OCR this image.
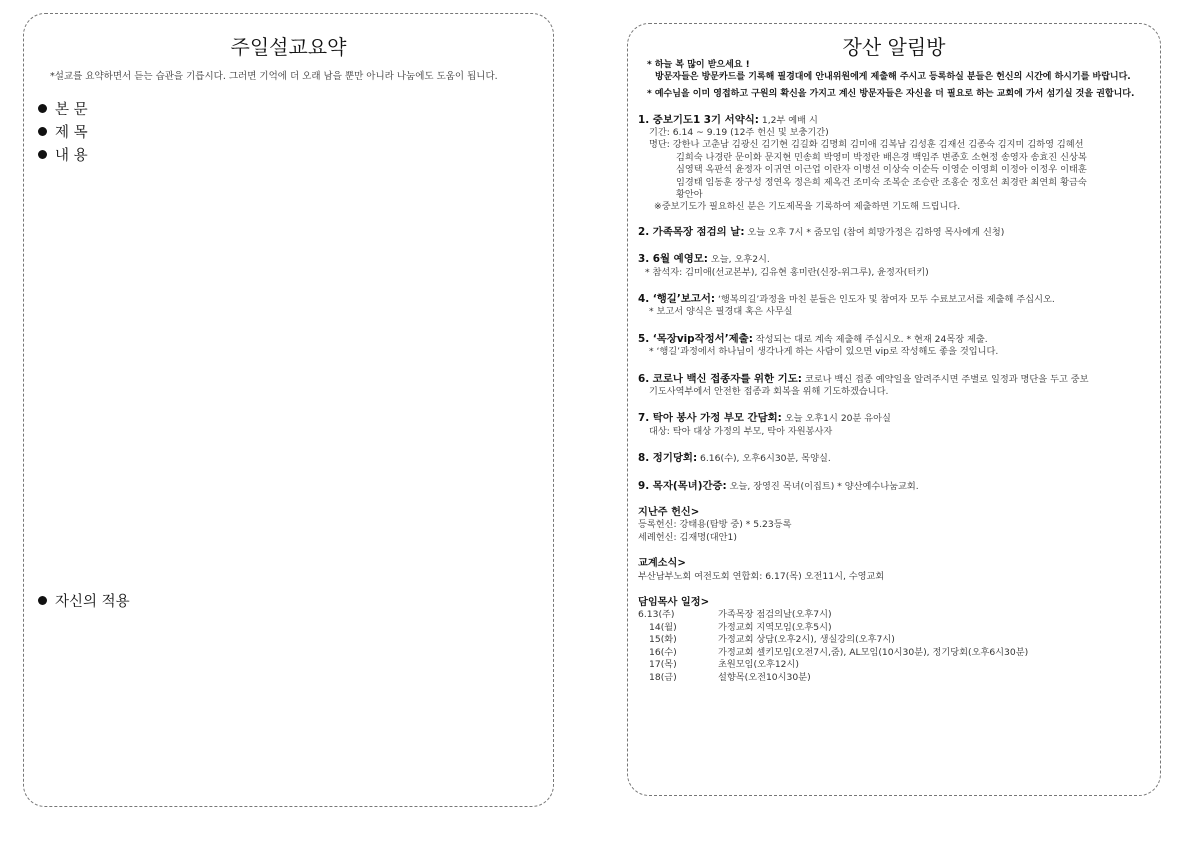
주일설교요약
*설교를 요약하면서 듣는 습관을 기릅시다. 그러면 기억에 더 오래 남을 뿐만 아니라 나눔에도 도움이 됩니다.
본 문
제 목
내 용
자신의 적용
장산 알림방
* 하늘 복 많이 받으세요 !
방문자들은 방문카드를 기록해 필경대에 안내위원에게 제출해 주시고 등록하실 분들은 헌신의 시간에 하시기를 바랍니다.
* 예수님을 이미 영접하고 구원의 확신을 가지고 계신 방문자들은 자신을 더 필요로 하는 교회에 가서 섬기실 것을 권합니다.
1. 중보기도1 3기 서약식: 1,2부 예배 시
기간: 6.14 ~ 9.19 (12주 헌신 및 보충기간)
명단: 강한나 고춘남 김광신 김기현 김길화 김명희 김미애 김복남 김성훈 김재선 김종숙 김지미 김하영 김혜선
김희숙 나경란 문이화 문지현 민송희 박영미 박정란 배은경 백임주 변종호 소현정 송영자 송효진 신상복
심영택 옥판석 윤정자 이귀연 이근업 이란자 이병선 이상숙 이순득 이영순 이영희 이정아 이정우 이태훈
임경태 임동훈 장구성 정연옥 정은희 제옥건 조미숙 조복순 조승란 조홍순 정호선 최경란 최연희 황금숙
황안아
※중보기도가 필요하신 분은 기도제목을 기록하여 제출하면 기도해 드립니다.
2. 가족목장 점검의 날: 오늘 오후 7시 * 줌모임 (참여 희망가정은 김하영 목사에게 신청)
3. 6월 예영모: 오늘, 오후2시.
* 참석자: 김미애(선교본부), 김유현 홍미란(신장-위그루), 윤정자(터키)
4. ‘행길’보고서: ‘행복의길’과정을 마친 분들은 인도자 및 참여자 모두 수료보고서를 제출해 주십시오.
* 보고서 양식은 필경대 혹은 사무실
5. ‘목장vip작정서’제출: 작성되는 대로 계속 제출해 주십시오. * 현재 24목장 제출.
* ‘행길’과정에서 하나님이 생각나게 하는 사람이 있으면 vip로 작성해도 좋을 것입니다.
6. 코로나 백신 접종자를 위한 기도: 코로나 백신 접종 예약일을 알려주시면 주별로 일정과 명단을 두고 중보
기도사역부에서 안전한 접종과 회복을 위해 기도하겠습니다.
7. 탁아 봉사 가정 부모 간담회: 오늘 오후1시 20분 유아실
대상: 탁아 대상 가정의 부모, 탁아 자원봉사자
8. 정기당회: 6.16(수), 오후6시30분, 목양실.
9. 목자(목녀)간증: 오늘, 장영진 목녀(이집트) * 양산예수나눔교회.
지난주 헌신>
등록헌신: 강태용(탐방 중) * 5.23등록
세례헌신: 김재명(대안1)
교계소식>
부산남부노회 여전도회 연합회: 6.17(목) 오전11시, 수영교회
담임목사 일정>
6.13(주)	가족목장 점검의날(오후7시)
14(월)	가정교회 지역모임(오후5시)
15(화)	가정교회 상담(오후2시), 생실강의(오후7시)
16(수)	가정교회 셀키모임(오전7시,줌), AL모임(10시30분), 정기당회(오후6시30분)
17(목)	초원모임(오후12시)
18(금)	설향목(오전10시30분)
